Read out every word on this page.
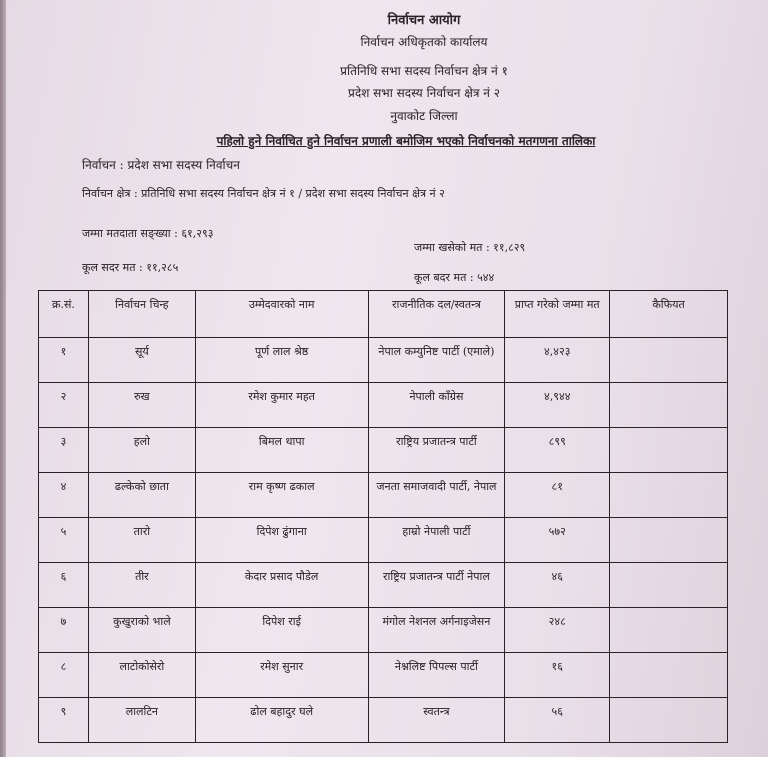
निर्वाचन आयोग
निर्वाचन अधिकृतको कार्यालय
प्रतिनिधि सभा सदस्य निर्वाचन क्षेत्र नं १
प्रदेश सभा सदस्य निर्वाचन क्षेत्र नं २
नुवाकोट जिल्ला
पहिलो हुने निर्वाचित हुने निर्वाचन प्रणाली बमोजिम भएको निर्वाचनको मतगणना तालिका
निर्वाचन : प्रदेश सभा सदस्य निर्वाचन
निर्वाचन क्षेत्र : प्रतिनिधि सभा सदस्य निर्वाचन क्षेत्र नं १ / प्रदेश सभा सदस्य निर्वाचन क्षेत्र नं २
जम्मा मतदाता सङ्ख्या : ६१,२९३
जम्मा खसेको मत : ११,८२९
कूल सदर मत : ११,२८५
कूल बदर मत : ५४४
क्र.सं.	निर्वाचन चिन्ह	उम्मेदवारको नाम	राजनीतिक दल/स्वतन्त्र	प्राप्त गरेको जम्मा मत	कैफियत
१	सूर्य	पूर्ण लाल श्रेष्ठ	नेपाल कम्युनिष्ट पार्टी (एमाले)	४,४२३	
२	रुख	रमेश कुमार महत	नेपाली काँग्रेस	४,९४४	
३	हलो	बिमल थापा	राष्ट्रिय प्रजातन्त्र पार्टी	८९९	
४	ढल्केको छाता	राम कृष्ण ढकाल	जनता समाजवादी पार्टी, नेपाल	८१	
५	तारो	दिपेश ढुंगाना	हाम्रो नेपाली पार्टी	५७२	
६	तीर	केदार प्रसाद पौडेल	राष्ट्रिय प्रजातन्त्र पार्टी नेपाल	४६	
७	कुखुराको भाले	दिपेश राई	मंगोल नेशनल अर्गनाइजेसन	२४८	
८	लाटोकोसेरो	रमेश सुनार	नेश्नलिष्ट पिपल्स पार्टी	१६	
९	लालटिन	ढोल बहादुर घले	स्वतन्त्र	५६	
